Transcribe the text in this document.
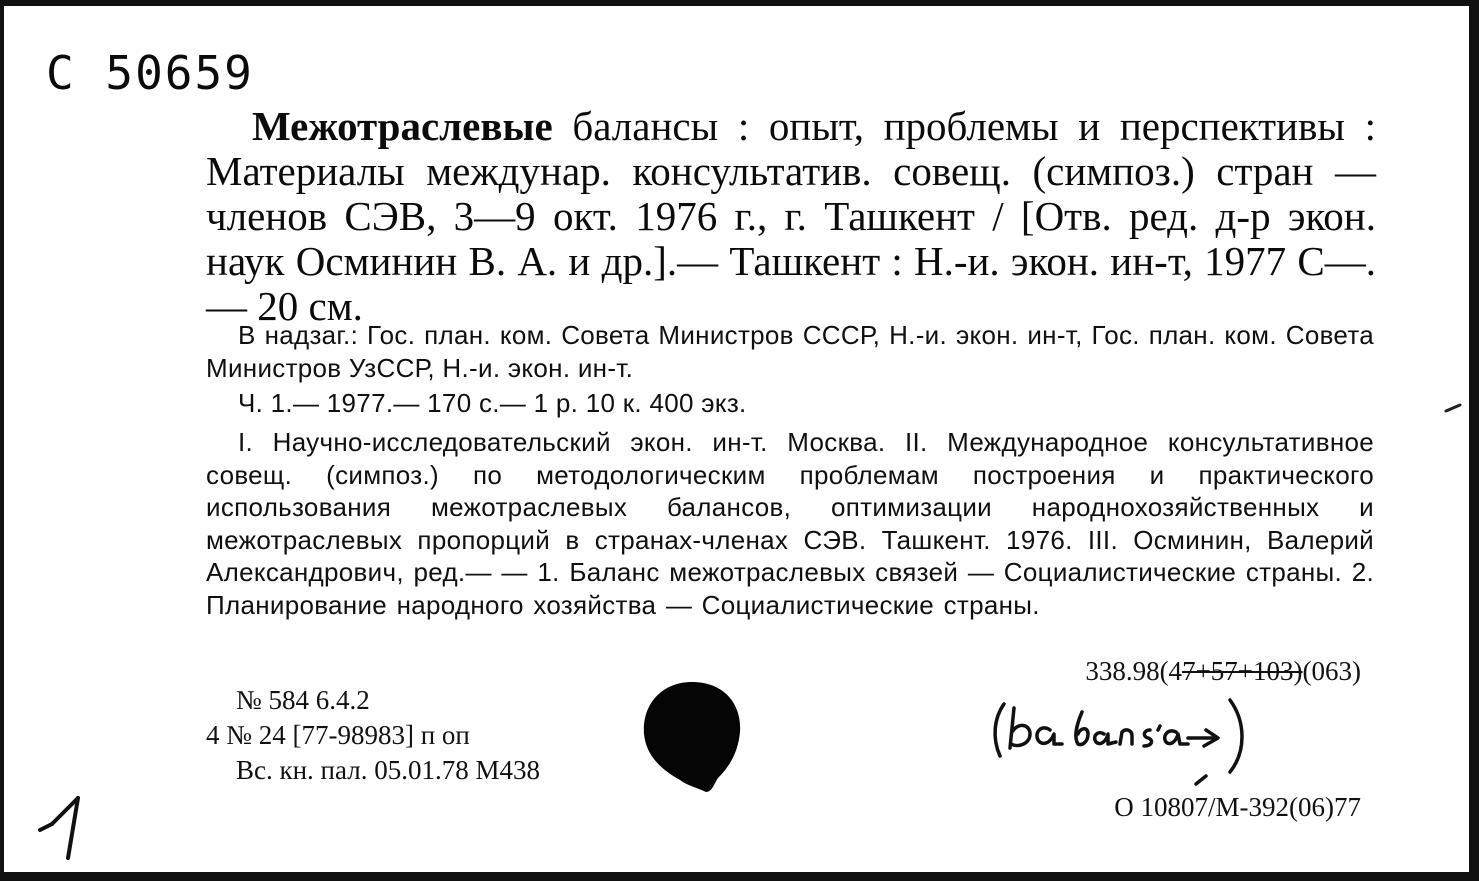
С 50659
Межотраслевые балансы : опыт, проблемы и перспективы : Материалы междунар. консультатив. совещ. (симпоз.) стран — членов СЭВ, 3—9 окт. 1976 г., г. Ташкент / [Отв. ред. д-р экон. наук Осминин В. А. и др.].— Ташкент : Н.-и. экон. ин-т, 1977 С—.— 20 см.
В надзаг.: Гос. план. ком. Совета Министров СССР, Н.-и. экон. ин-т, Гос. план. ком. Совета Министров УзССР, Н.-и. экон. ин-т.
Ч. 1.— 1977.— 170 с.— 1 р. 10 к. 400 экз.
I. Научно-исследовательский экон. ин-т. Москва. II. Международное консультативное совещ. (симпоз.) по методологическим проблемам построения и практического использования межотраслевых балансов, оптимизации народнохозяйственных и межотраслевых пропорций в странах-членах СЭВ. Ташкент. 1976. III. Осминин, Валерий Александрович, ред.— — 1. Баланс межотраслевых связей — Социалистические страны. 2. Планирование народного хозяйства — Социалистические страны.
338.98(47+57+103)(063)
№ 584 6.4.2
4 № 24 [77-98983] п оп
Вс. кн. пал. 05.01.78 М438
О 10807/М-392(06)77
